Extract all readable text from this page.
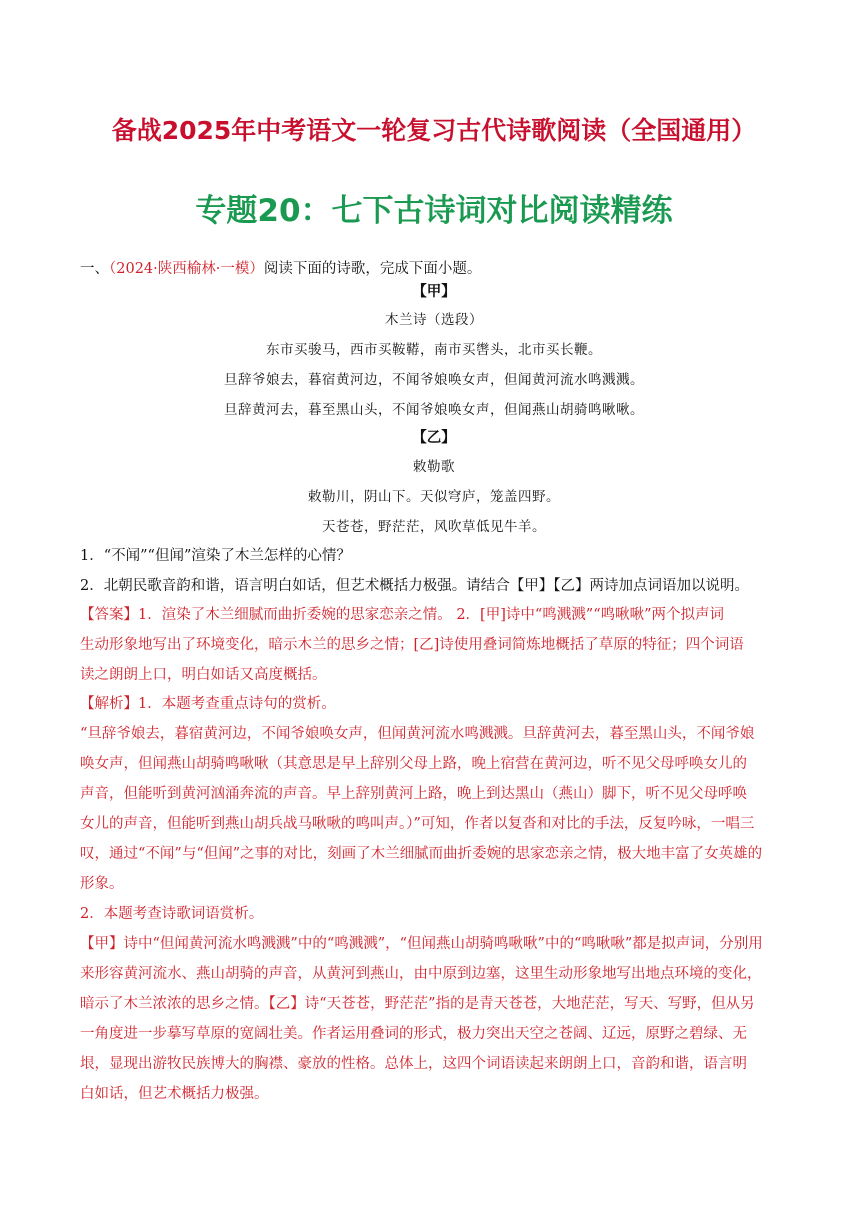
备战2025年中考语文一轮复习古代诗歌阅读（全国通用）
专题20：七下古诗词对比阅读精练
一、（2024·陕西榆林·一模）阅读下面的诗歌，完成下面小题。
【甲】
木兰诗（选段）
东市买骏马，西市买鞍鞯，南市买辔头，北市买长鞭。
旦辞爷娘去，暮宿黄河边，不闻爷娘唤女声，但闻黄河流水鸣溅溅。
旦辞黄河去，暮至黑山头，不闻爷娘唤女声，但闻燕山胡骑鸣啾啾。
【乙】
敕勒歌
敕勒川，阴山下。天似穹庐，笼盖四野。
天苍苍，野茫茫，风吹草低见牛羊。
1．“不闻”“但闻”渲染了木兰怎样的心情？
2．北朝民歌音韵和谐，语言明白如话，但艺术概括力极强。请结合【甲】【乙】两诗加点词语加以说明。
【答案】1．渲染了木兰细腻而曲折委婉的思家恋亲之情。 2．[甲]诗中“鸣溅溅”“鸣啾啾”两个拟声词
生动形象地写出了环境变化，暗示木兰的思乡之情；[乙]诗使用叠词简炼地概括了草原的特征；四个词语
读之朗朗上口，明白如话又高度概括。
【解析】1．本题考查重点诗句的赏析。
“旦辞爷娘去，暮宿黄河边，不闻爷娘唤女声，但闻黄河流水鸣溅溅。旦辞黄河去，暮至黑山头，不闻爷娘
唤女声，但闻燕山胡骑鸣啾啾（其意思是早上辞别父母上路，晚上宿营在黄河边，听不见父母呼唤女儿的
声音，但能听到黄河汹涌奔流的声音。早上辞别黄河上路，晚上到达黑山（燕山）脚下，听不见父母呼唤
女儿的声音，但能听到燕山胡兵战马啾啾的鸣叫声。）”可知，作者以复沓和对比的手法，反复吟咏，一唱三
叹，通过“不闻”与“但闻”之事的对比，刻画了木兰细腻而曲折委婉的思家恋亲之情，极大地丰富了女英雄的
形象。
2．本题考查诗歌词语赏析。
【甲】诗中“但闻黄河流水鸣溅溅”中的“鸣溅溅”，“但闻燕山胡骑鸣啾啾”中的“鸣啾啾”都是拟声词，分别用
来形容黄河流水、燕山胡骑的声音，从黄河到燕山，由中原到边塞，这里生动形象地写出地点环境的变化，
暗示了木兰浓浓的思乡之情。【乙】诗“天苍苍，野茫茫”指的是青天苍苍，大地茫茫，写天、写野，但从另
一角度进一步摹写草原的宽阔壮美。作者运用叠词的形式，极力突出天空之苍阔、辽远，原野之碧绿、无
垠，显现出游牧民族博大的胸襟、豪放的性格。总体上，这四个词语读起来朗朗上口，音韵和谐，语言明
白如话，但艺术概括力极强。
